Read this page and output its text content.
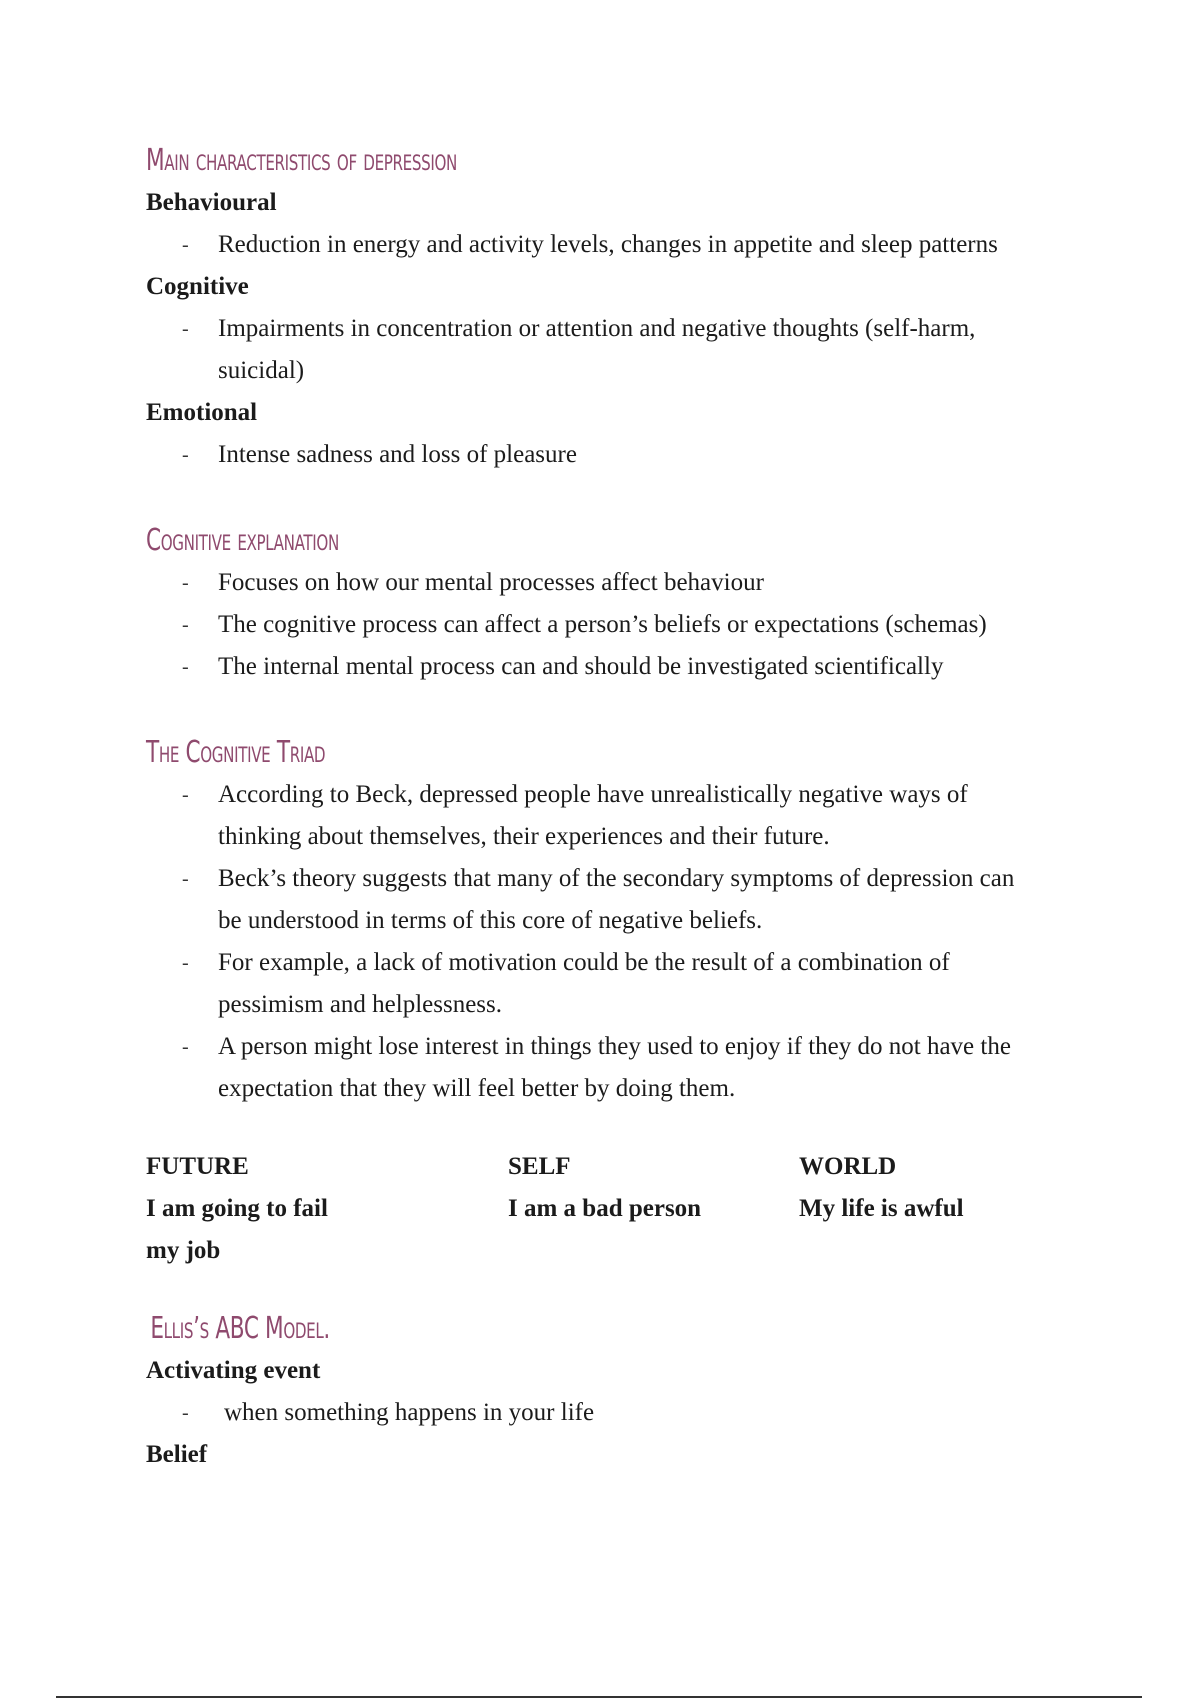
Main characteristics of depression
Behavioural
- Reduction in energy and activity levels, changes in appetite and sleep patterns
Cognitive
- Impairments in concentration or attention and negative thoughts (self-harm, suicidal)
Emotional
- Intense sadness and loss of pleasure
Cognitive explanation
- Focuses on how our mental processes affect behaviour
- The cognitive process can affect a person’s beliefs or expectations (schemas)
- The internal mental process can and should be investigated scientifically
The Cognitive Triad
- According to Beck, depressed people have unrealistically negative ways of thinking about themselves, their experiences and their future.
- Beck’s theory suggests that many of the secondary symptoms of depression can be understood in terms of this core of negative beliefs.
- For example, a lack of motivation could be the result of a combination of pessimism and helplessness.
- A person might lose interest in things they used to enjoy if they do not have the expectation that they will feel better by doing them.
FUTURE
I am going to fail my job
SELF
I am a bad person
WORLD
My life is awful
Ellis’s ABC Model.
Activating event
- when something happens in your life
Belief
